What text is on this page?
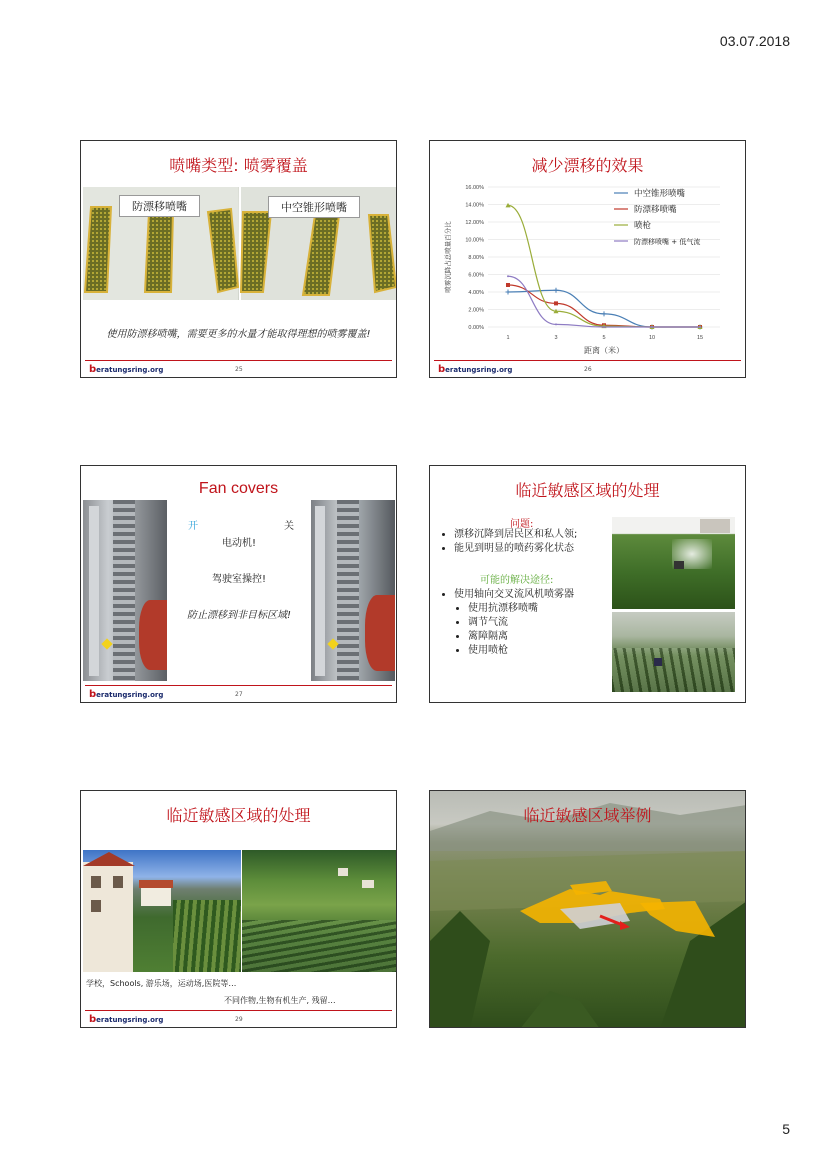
03.07.2018
喷嘴类型: 喷雾覆盖
防漂移喷嘴	中空锥形喷嘴
使用防漂移喷嘴，需要更多的水量才能取得理想的喷雾覆盖!
beratungsring.org	25
减少漂移的效果
0.00%
2.00%
4.00%
6.00%
8.00%
10.00%
12.00%
14.00%
16.00%
1	3	5	10	15
距离（米）
喷雾沉降占总喷量百分比
中空锥形喷嘴
防漂移喷嘴
喷枪
防漂移喷嘴 + 低气流
beratungsring.org	26
Fan covers
开	关
电动机!
驾驶室操控!
防止漂移到非目标区域!
beratungsring.org	27
临近敏感区域的处理
问题:
• 漂移沉降到居民区和私人领;
• 能见到明显的喷药雾化状态
可能的解决途径:
• 使用轴向交叉流风机喷雾器
• 使用抗漂移喷嘴
• 调节气流
• 篱障隔离
• 使用喷枪
临近敏感区域的处理
学校，Schools, 游乐场，运动场,医院等…
不同作物,生物有机生产, 残留…
beratungsring.org	29
临近敏感区域举例
5
